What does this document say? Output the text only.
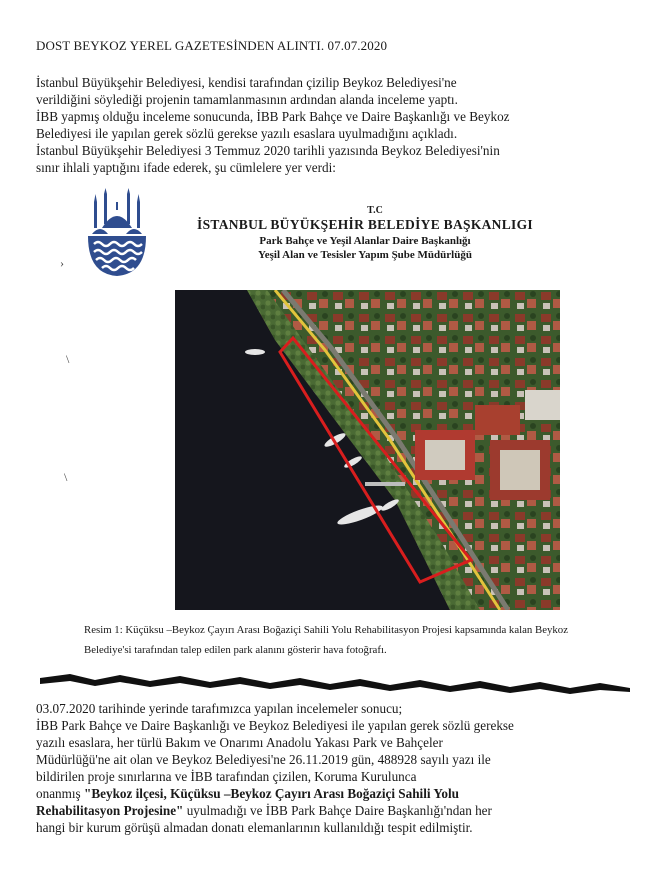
DOST BEYKOZ YEREL GAZETESİNDEN ALINTI. 07.07.2020
İstanbul Büyükşehir Belediyesi, kendisi tarafından çizilip Beykoz Belediyesi'ne
verildiğini söylediği projenin tamamlanmasının ardından alanda inceleme yaptı.
İBB yapmış olduğu inceleme sonucunda, İBB Park Bahçe ve Daire Başkanlığı ve Beykoz
Belediyesi ile yapılan gerek sözlü gerekse yazılı esaslara uyulmadığını açıkladı.
İstanbul Büyükşehir Belediyesi 3 Temmuz 2020 tarihli yazısında Beykoz Belediyesi'nin
sınır ihlali yaptığını ifade ederek, şu cümlelere yer verdi:
T.C
İSTANBUL BÜYÜKŞEHİR BELEDİYE BAŞKANLIGI
Park Bahçe ve Yeşil Alanlar Daire Başkanlığı
Yeşil Alan ve Tesisler Yapım Şube Müdürlüğü
›
\
\
Resim 1: Küçüksu –Beykoz Çayırı Arası Boğaziçi Sahili Yolu Rehabilitasyon Projesi kapsamında kalan Beykoz
Belediye'si tarafından talep edilen park alanını gösterir hava fotoğrafı.
03.07.2020 tarihinde yerinde tarafımızca yapılan incelemeler sonucu;
İBB Park Bahçe ve Daire Başkanlığı ve Beykoz Belediyesi ile yapılan gerek sözlü gerekse
yazılı esaslara, her türlü Bakım ve Onarımı Anadolu Yakası Park ve Bahçeler
Müdürlüğü'ne ait olan ve Beykoz Belediyesi'ne 26.11.2019 gün, 488928 sayılı yazı ile
bildirilen proje sınırlarına ve İBB tarafından çizilen, Koruma Kurulunca
onanmış "Beykoz ilçesi, Küçüksu –Beykoz Çayırı Arası Boğaziçi Sahili Yolu
Rehabilitasyon Projesine" uyulmadığı ve İBB Park Bahçe Daire Başkanlığı'ndan her
hangi bir kurum görüşü almadan donatı elemanlarının kullanıldığı tespit edilmiştir.
